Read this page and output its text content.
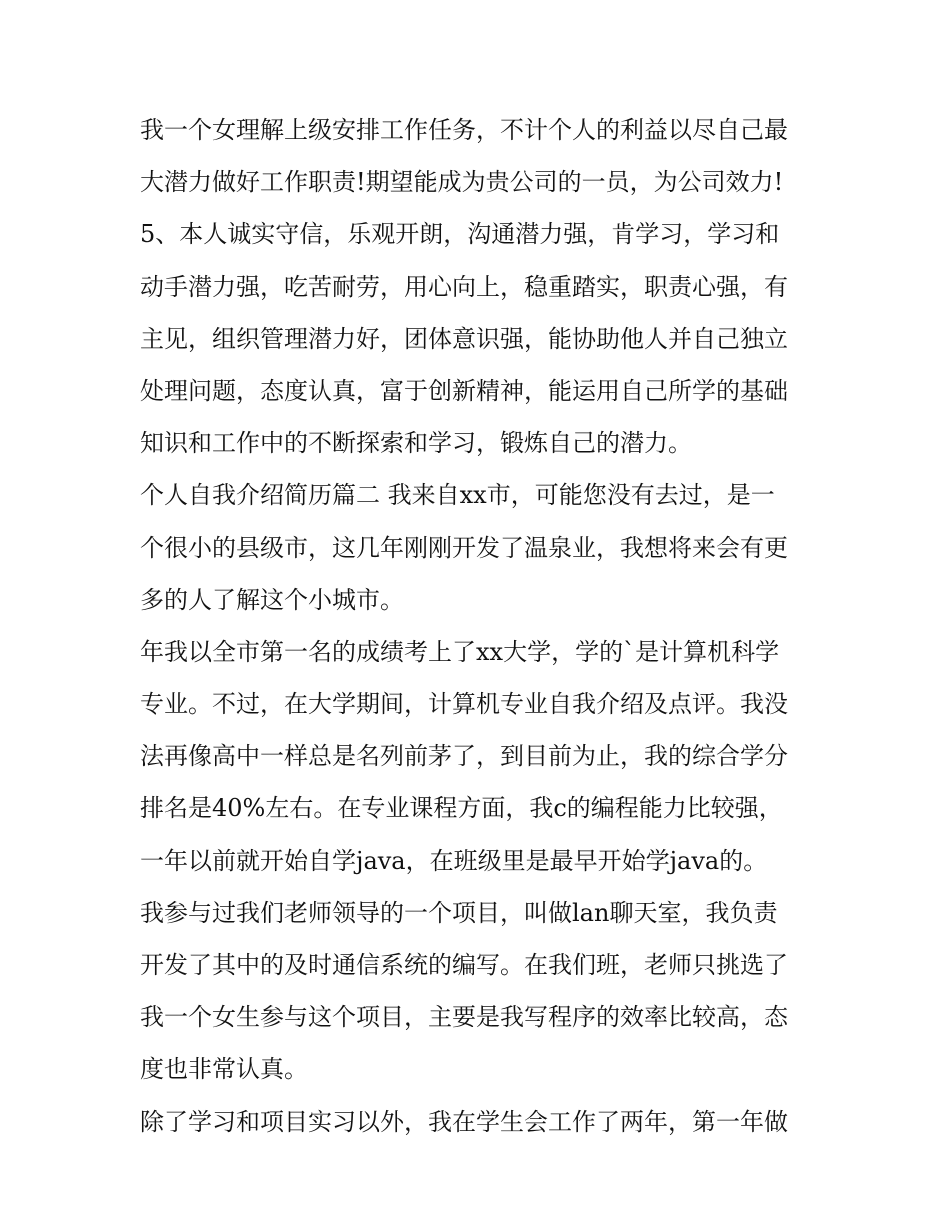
我一个女理解上级安排工作任务，不计个人的利益以尽自己最
大潜力做好工作职责!期望能成为贵公司的一员，为公司效力!
5、本人诚实守信，乐观开朗，沟通潜力强，肯学习，学习和
动手潜力强，吃苦耐劳，用心向上，稳重踏实，职责心强，有
主见，组织管理潜力好，团体意识强，能协助他人并自己独立
处理问题，态度认真，富于创新精神，能运用自己所学的基础
知识和工作中的不断探索和学习，锻炼自己的潜力。
个人自我介绍简历篇二 我来自xx市，可能您没有去过，是一
个很小的县级市，这几年刚刚开发了温泉业，我想将来会有更
多的人了解这个小城市。
年我以全市第一名的成绩考上了xx大学，学的`是计算机科学
专业。不过，在大学期间，计算机专业自我介绍及点评。我没
法再像高中一样总是名列前茅了，到目前为止，我的综合学分
排名是40%左右。在专业课程方面，我c的编程能力比较强，
一年以前就开始自学java，在班级里是最早开始学java的。
我参与过我们老师领导的一个项目，叫做lan聊天室，我负责
开发了其中的及时通信系统的编写。在我们班，老师只挑选了
我一个女生参与这个项目，主要是我写程序的效率比较高，态
度也非常认真。
除了学习和项目实习以外，我在学生会工作了两年，第一年做
